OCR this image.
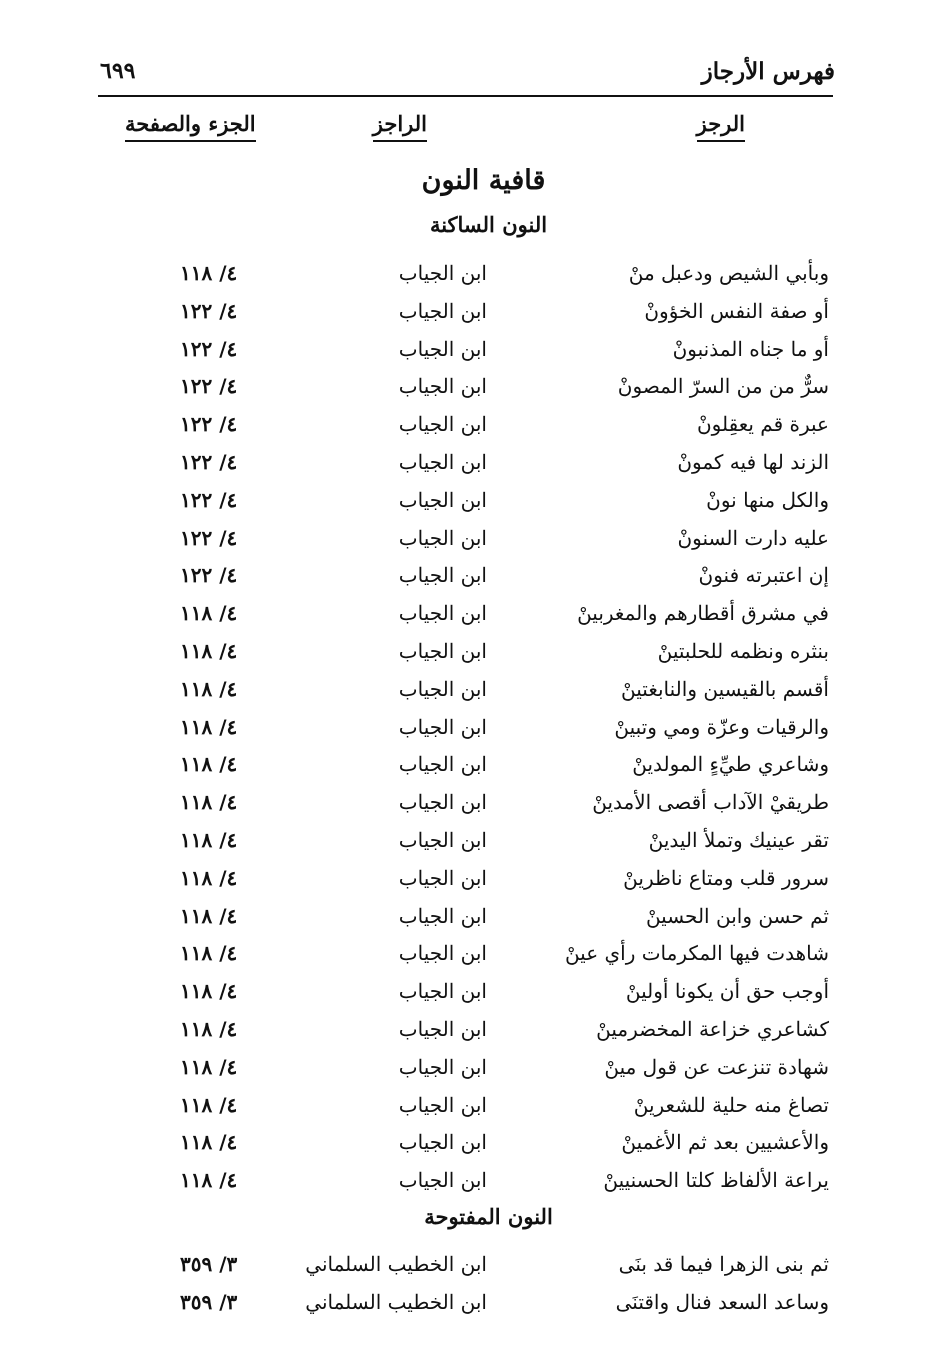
فهرس الأرجاز
٦٩٩
الرجز
الراجز
الجزء والصفحة
قافية النون
النون الساكنة
وبأبي الشيص ودعبل منْ
ابن الجياب
٤/ ١١٨
أو صفة النفس الخؤونْ
ابن الجياب
٤/ ١٢٢
أو ما جناه المذنبونْ
ابن الجياب
٤/ ١٢٢
سرٌّ من من السرّ المصونْ
ابن الجياب
٤/ ١٢٢
عبرة قم يعقِلونْ
ابن الجياب
٤/ ١٢٢
الزند لها فيه كمونْ
ابن الجياب
٤/ ١٢٢
والكل منها نونْ
ابن الجياب
٤/ ١٢٢
عليه دارت السنونْ
ابن الجياب
٤/ ١٢٢
إن اعتبرته فنونْ
ابن الجياب
٤/ ١٢٢
في مشرق أقطارهم والمغربينْ
ابن الجياب
٤/ ١١٨
بنثره ونظمه للحلبتينْ
ابن الجياب
٤/ ١١٨
أقسم بالقيسين والنابغتينْ
ابن الجياب
٤/ ١١٨
والرقيات وعزّة ومي وتبينْ
ابن الجياب
٤/ ١١٨
وشاعري طيِّءٍ المولدينْ
ابن الجياب
٤/ ١١٨
طريقيْ الآداب أقصى الأمدينْ
ابن الجياب
٤/ ١١٨
تقر عينيك وتملأ اليدينْ
ابن الجياب
٤/ ١١٨
سرور قلب ومتاع ناظرينْ
ابن الجياب
٤/ ١١٨
ثم حسن وابن الحسينْ
ابن الجياب
٤/ ١١٨
شاهدت فيها المكرمات رأي عينْ
ابن الجياب
٤/ ١١٨
أوجب حق أن يكونا أولينْ
ابن الجياب
٤/ ١١٨
كشاعري خزاعة المخضرمينْ
ابن الجياب
٤/ ١١٨
شهادة تنزعت عن قول مينْ
ابن الجياب
٤/ ١١٨
تصاغ منه حلية للشعرينْ
ابن الجياب
٤/ ١١٨
والأعشيين بعد ثم الأغمينْ
ابن الجياب
٤/ ١١٨
يراعة الألفاظ كلتا الحسنيينْ
ابن الجياب
٤/ ١١٨
النون المفتوحة
ثم بنى الزهرا فيما قد بنَى
ابن الخطيب السلماني
٣/ ٣٥٩
وساعد السعد فنال واقتنَى
ابن الخطيب السلماني
٣/ ٣٥٩
